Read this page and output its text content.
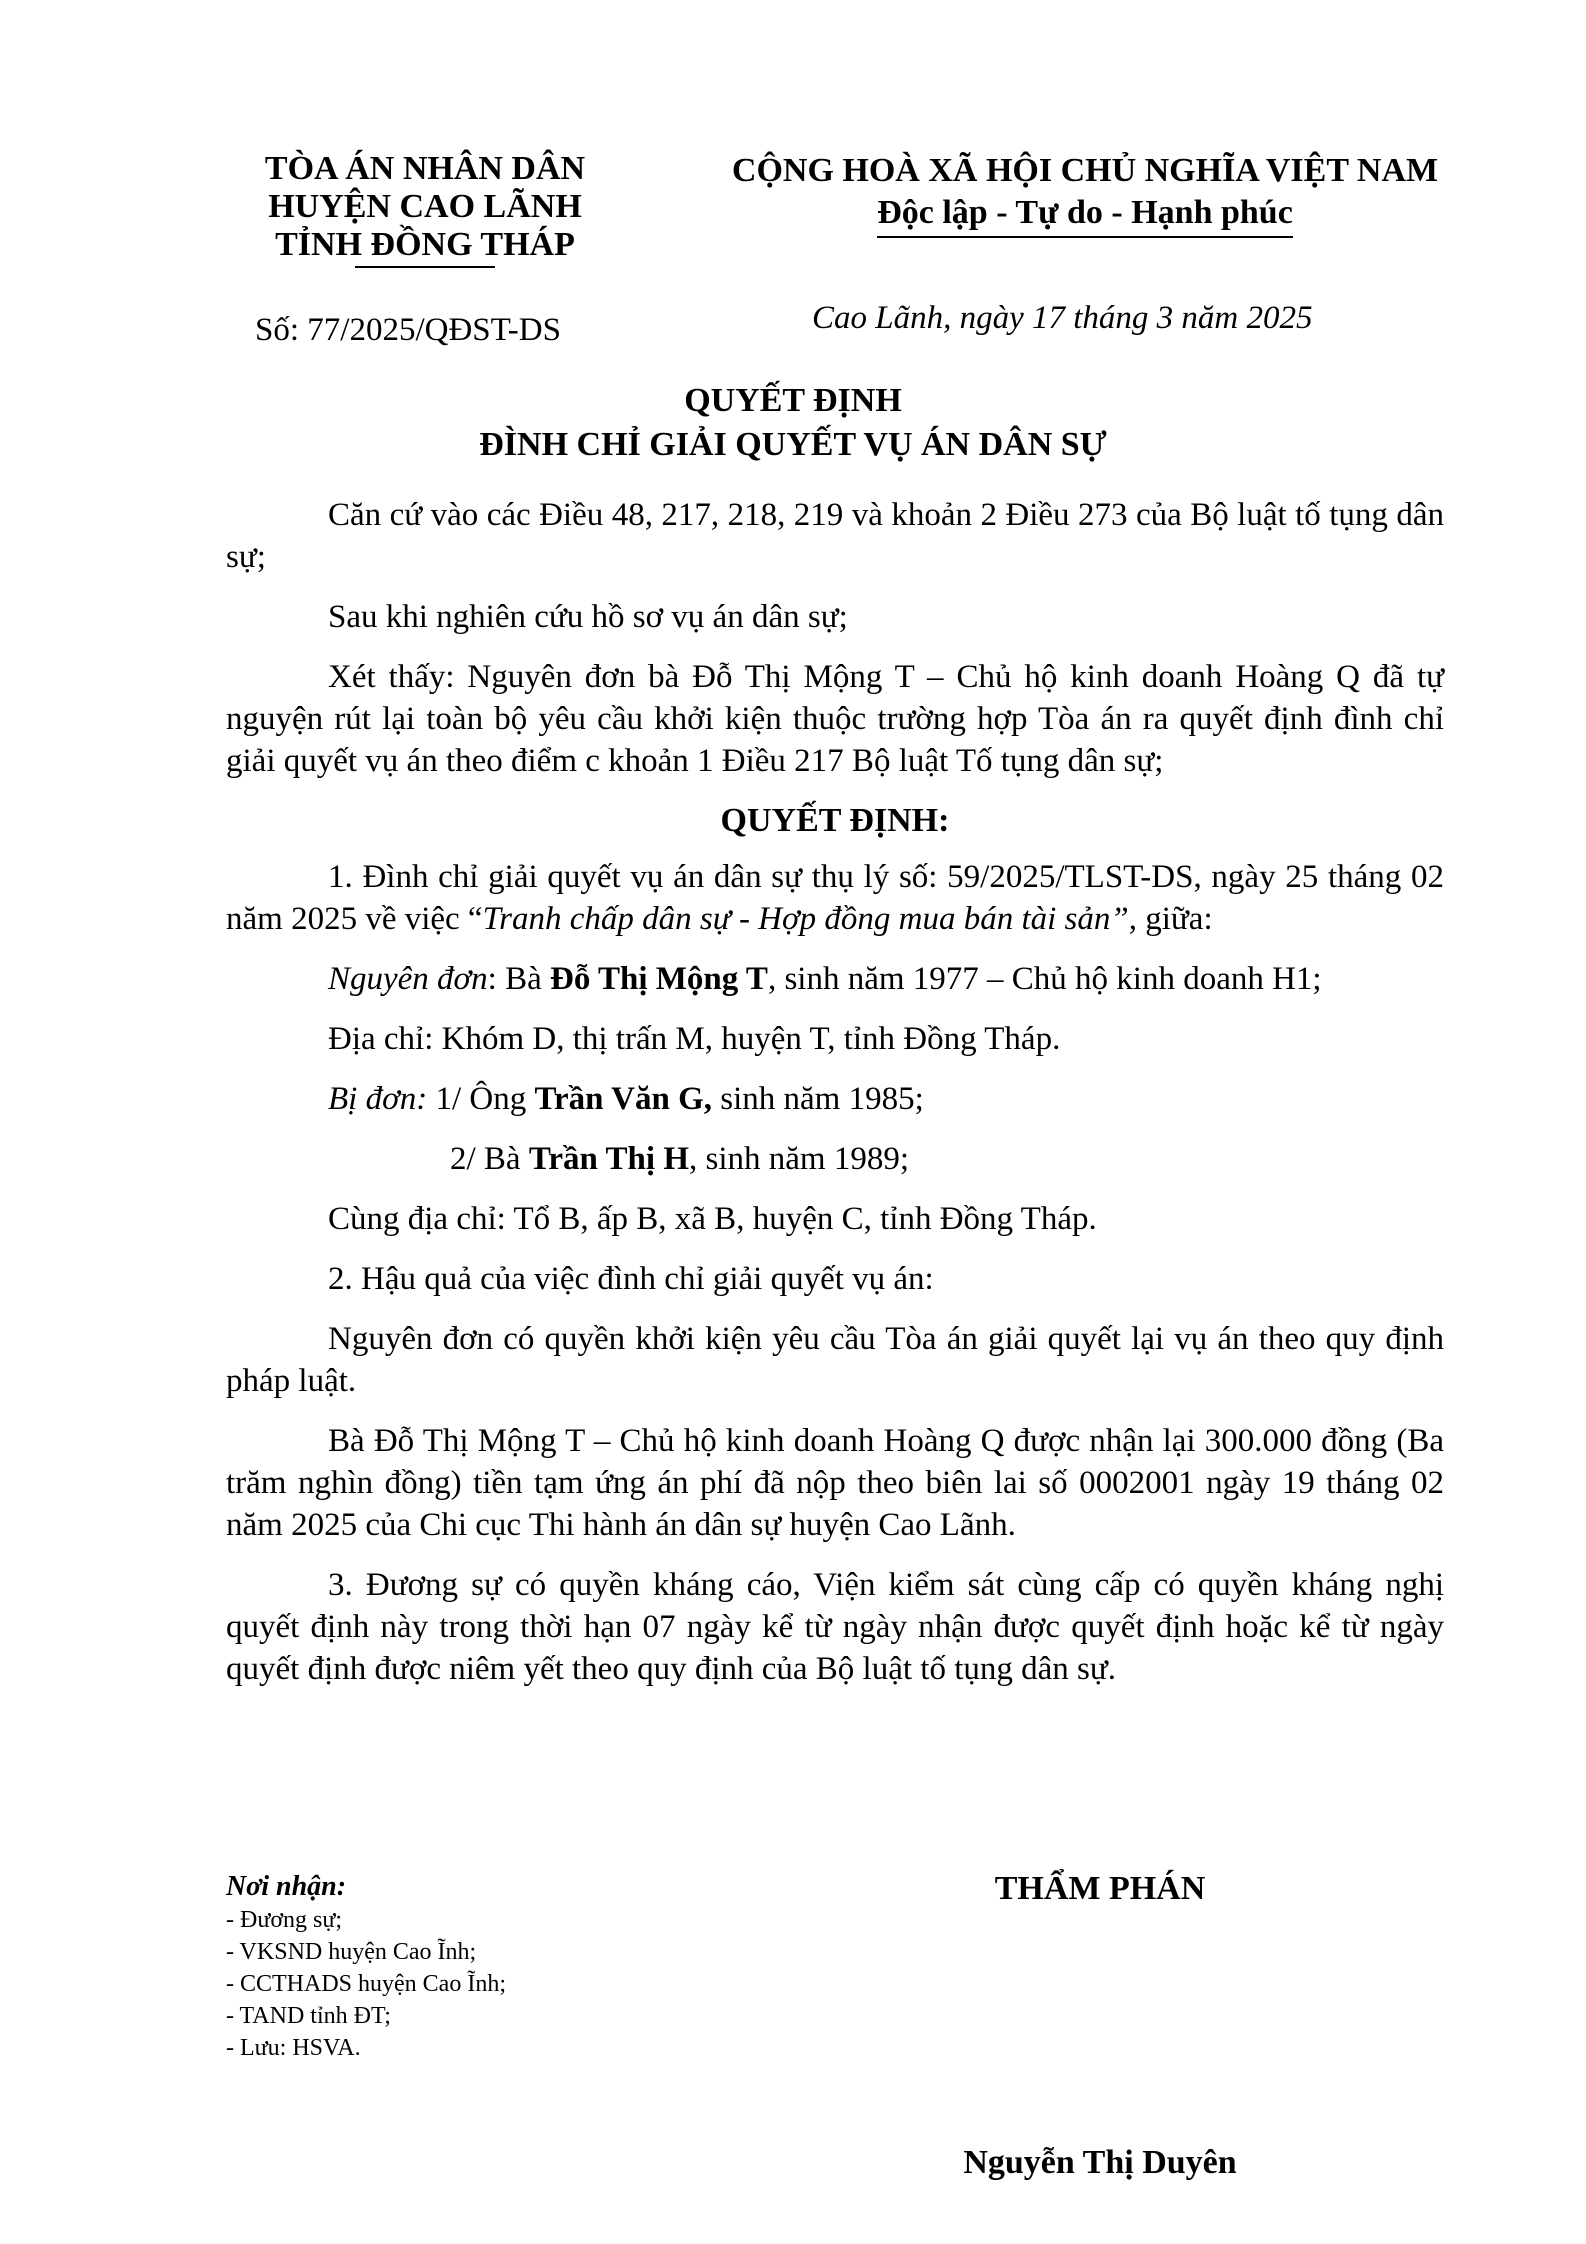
TÒA ÁN NHÂN DÂN
HUYỆN CAO LÃNH
TỈNH ĐỒNG THÁP
CỘNG HOÀ XÃ HỘI CHỦ NGHĨA VIỆT NAM
Độc lập - Tự do - Hạnh phúc
Số: 77/2025/QĐST-DS	Cao Lãnh, ngày 17 tháng 3 năm 2025
QUYẾT ĐỊNH
ĐÌNH CHỈ GIẢI QUYẾT VỤ ÁN DÂN SỰ

Căn cứ vào các Điều 48, 217, 218, 219 và khoản 2 Điều 273 của Bộ luật tố tụng dân sự;

Sau khi nghiên cứu hồ sơ vụ án dân sự;

Xét thấy: Nguyên đơn bà Đỗ Thị Mộng T – Chủ hộ kinh doanh Hoàng Q đã tự nguyện rút lại toàn bộ yêu cầu khởi kiện thuộc trường hợp Tòa án ra quyết định đình chỉ giải quyết vụ án theo điểm c khoản 1 Điều 217 Bộ luật Tố tụng dân sự;

QUYẾT ĐỊNH:

1. Đình chỉ giải quyết vụ án dân sự thụ lý số: 59/2025/TLST-DS, ngày 25 tháng 02 năm 2025 về việc “Tranh chấp dân sự - Hợp đồng mua bán tài sản”, giữa:

Nguyên đơn: Bà Đỗ Thị Mộng T, sinh năm 1977 – Chủ hộ kinh doanh H1;

Địa chỉ: Khóm D, thị trấn M, huyện T, tỉnh Đồng Tháp.

Bị đơn: 1/ Ông Trần Văn G, sinh năm 1985;

2/ Bà Trần Thị H, sinh năm 1989;

Cùng địa chỉ: Tổ B, ấp B, xã B, huyện C, tỉnh Đồng Tháp.

2. Hậu quả của việc đình chỉ giải quyết vụ án:

Nguyên đơn có quyền khởi kiện yêu cầu Tòa án giải quyết lại vụ án theo quy định pháp luật.

Bà Đỗ Thị Mộng T – Chủ hộ kinh doanh Hoàng Q được nhận lại 300.000 đồng (Ba trăm nghìn đồng) tiền tạm ứng án phí đã nộp theo biên lai số 0002001 ngày 19 tháng 02 năm 2025 của Chi cục Thi hành án dân sự huyện Cao Lãnh.

3. Đương sự có quyền kháng cáo, Viện kiểm sát cùng cấp có quyền kháng nghị quyết định này trong thời hạn 07 ngày kể từ ngày nhận được quyết định hoặc kể từ ngày quyết định được niêm yết theo quy định của Bộ luật tố tụng dân sự.

Nơi nhận:
- Đương sự;
- VKSND huyện Cao Ĩnh;
- CCTHADS huyện Cao Ĩnh;
- TAND tỉnh ĐT;
- Lưu: HSVA.
THẨM PHÁN
Nguyễn Thị Duyên
